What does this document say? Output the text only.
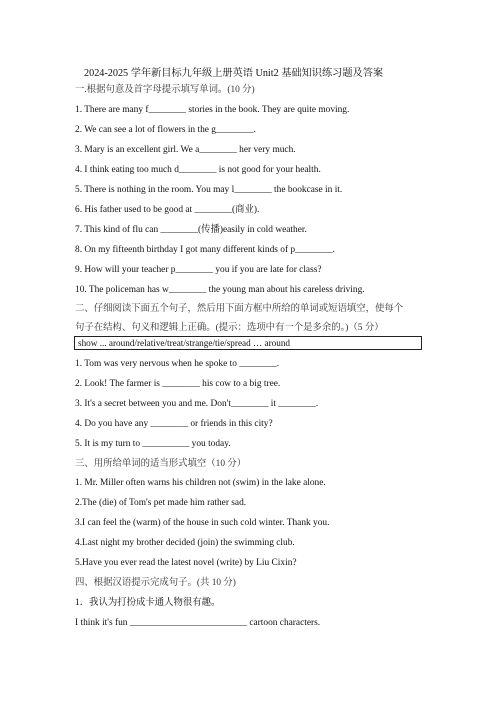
2024-2025 学年新目标九年级上册英语 Unit2 基础知识练习题及答案
一.根据句意及首字母提示填写单词。(10 分)
1. There are many f________ stories in the book. They are quite moving.
2. We can see a lot of flowers in the g________.
3. Mary is an excellent girl. We a________ her very much.
4. I think eating too much d________ is not good for your health.
5. There is nothing in the room. You may l________ the bookcase in it.
6. His father used to be good at ________(商业).
7. This kind of flu can ________(传播)easily in cold weather.
8. On my fifteenth birthday I got many different kinds of p________.
9. How will your teacher p________ you if you are late for class?
10. The policeman has w________ the young man about his careless driving.
二、仔细阅读下面五个句子，然后用下面方框中所给的单词或短语填空，使每个
句子在结构、句义和逻辑上正确。(提示：选项中有一个是多余的。)（5 分）
show ... around/relative/treat/strange/tie/spread … around
1. Tom was very nervous when he spoke to ________.
2. Look! The farmer is ________ his cow to a big tree.
3. It's a secret between you and me. Don't________ it ________.
4. Do you have any ________ or friends in this city?
5. It is my turn to __________ you today.
三、用所给单词的适当形式填空（10 分）
1. Mr. Miller often warns his children not (swim) in the lake alone.
2.The (die) of Tom's pet made him rather sad.
3.I can feel the (warm) of the house in such cold winter. Thank you.
4.Last night my brother decided (join) the swimming club.
5.Have you ever read the latest novel (write) by Liu Cixin?
四、根据汉语提示完成句子。(共 10 分)
1．我认为打扮成卡通人物很有趣。
I think it's fun _________________________ cartoon characters.
